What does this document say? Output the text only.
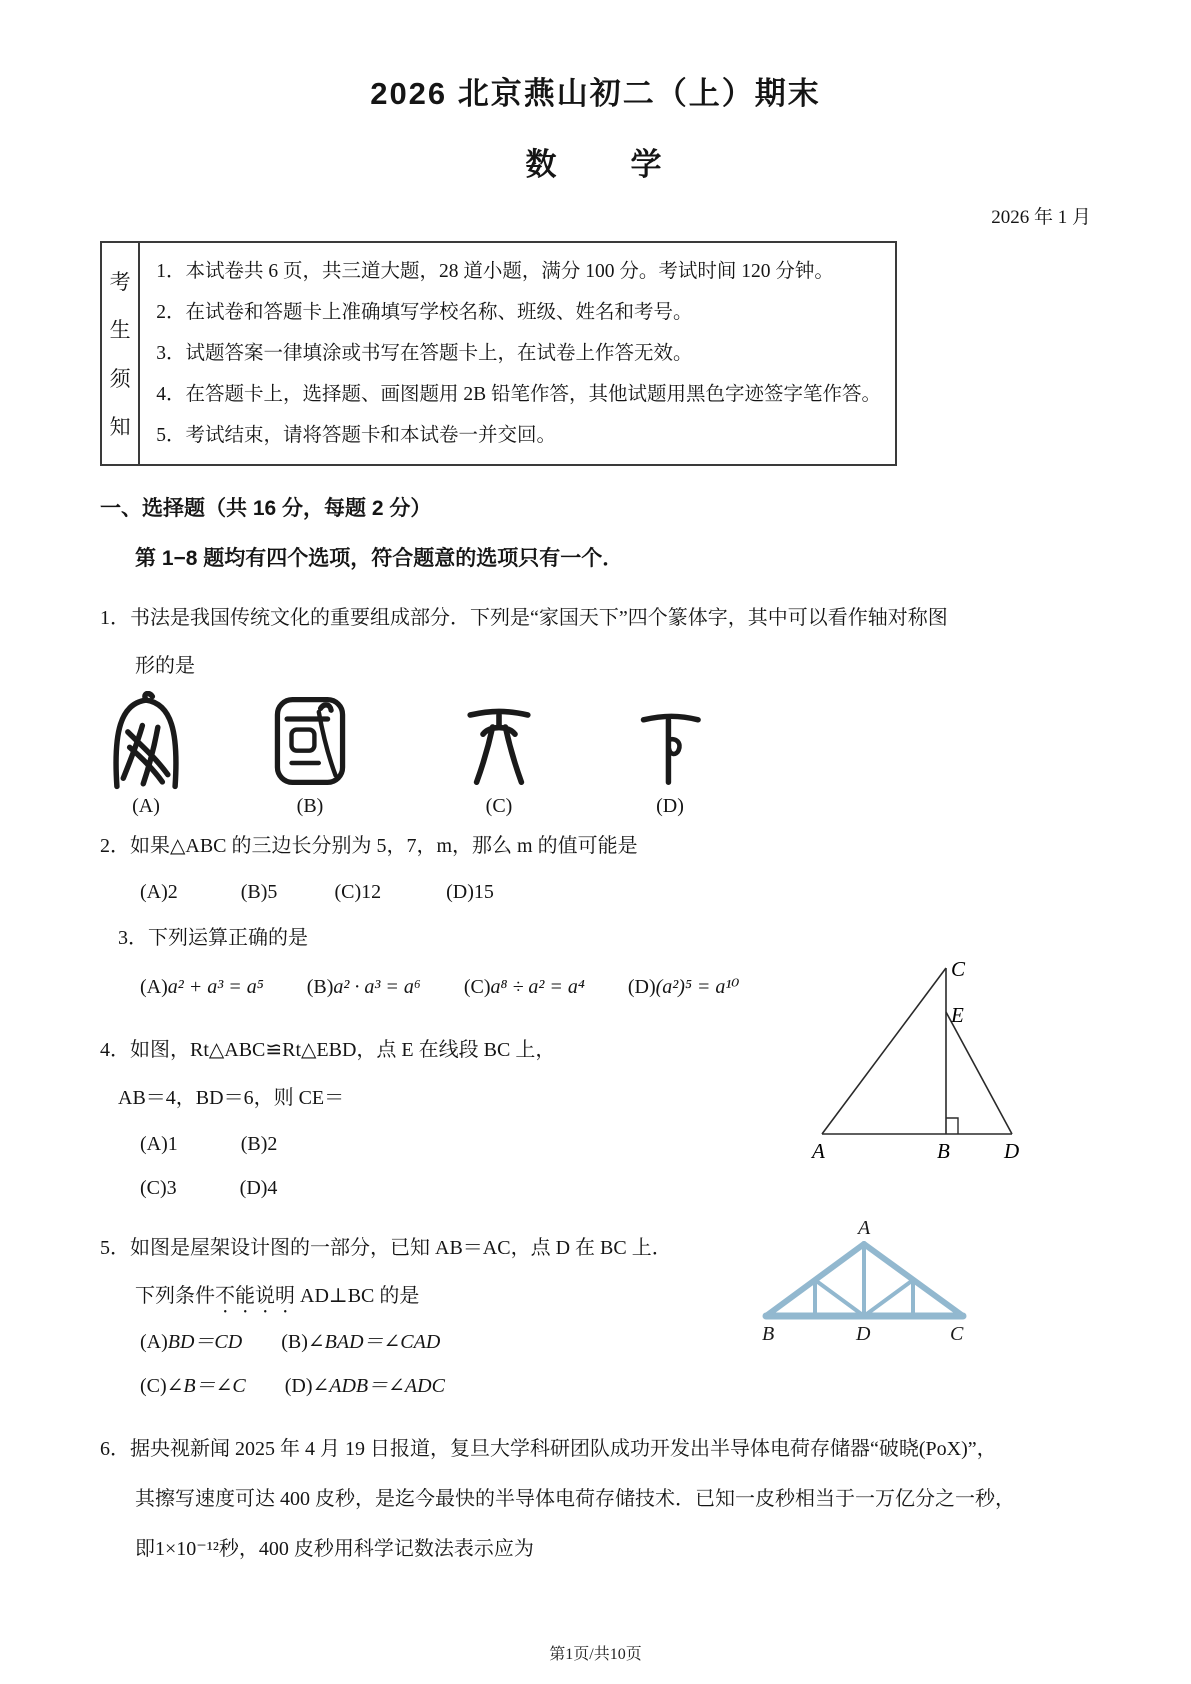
2026 北京燕山初二（上）期末
数　　学
2026 年 1 月
考
生
须
知
1．本试卷共 6 页，共三道大题，28 道小题，满分 100 分。考试时间 120 分钟。
2．在试卷和答题卡上准确填写学校名称、班级、姓名和考号。
3．试题答案一律填涂或书写在答题卡上，在试卷上作答无效。
4．在答题卡上，选择题、画图题用 2B 铅笔作答，其他试题用黑色字迹签字笔作答。
5．考试结束，请将答题卡和本试卷一并交回。
一、选择题（共 16 分，每题 2 分）
第 1−8 题均有四个选项，符合题意的选项只有一个．
1．书法是我国传统文化的重要组成部分．下列是“家国天下”四个篆体字，其中可以看作轴对称图
形的是
(A)	(B)	(C)	(D)
2．如果△ABC 的三边长分别为 5，7，m，那么 m 的值可能是
(A)2	(B)5	(C)12	(D)15
3．下列运算正确的是
(A)a² + a³ = a⁵ (B)a² · a³ = a⁶ (C)a⁸ ÷ a² = a⁴ (D)(a²)⁵ = a¹⁰
4．如图，Rt△ABC≌Rt△EBD，点 E 在线段 BC 上，
AB＝4，BD＝6，则 CE＝
(A)1	(B)2
(C)3	(D)4
C
E
A	B	D
5．如图是屋架设计图的一部分，已知 AB＝AC，点 D 在 BC 上．
下列条件不能说明 AD⊥BC 的是
(A)BD＝CD (B)∠BAD＝∠CAD
(C)∠B＝∠C (D)∠ADB＝∠ADC
A
B	D	C
6．据央视新闻 2025 年 4 月 19 日报道，复旦大学科研团队成功开发出半导体电荷存储器“破晓(PoX)”，
其擦写速度可达 400 皮秒，是迄今最快的半导体电荷存储技术．已知一皮秒相当于一万亿分之一秒，
即1×10⁻¹²秒，400 皮秒用科学记数法表示应为
第1页/共10页
